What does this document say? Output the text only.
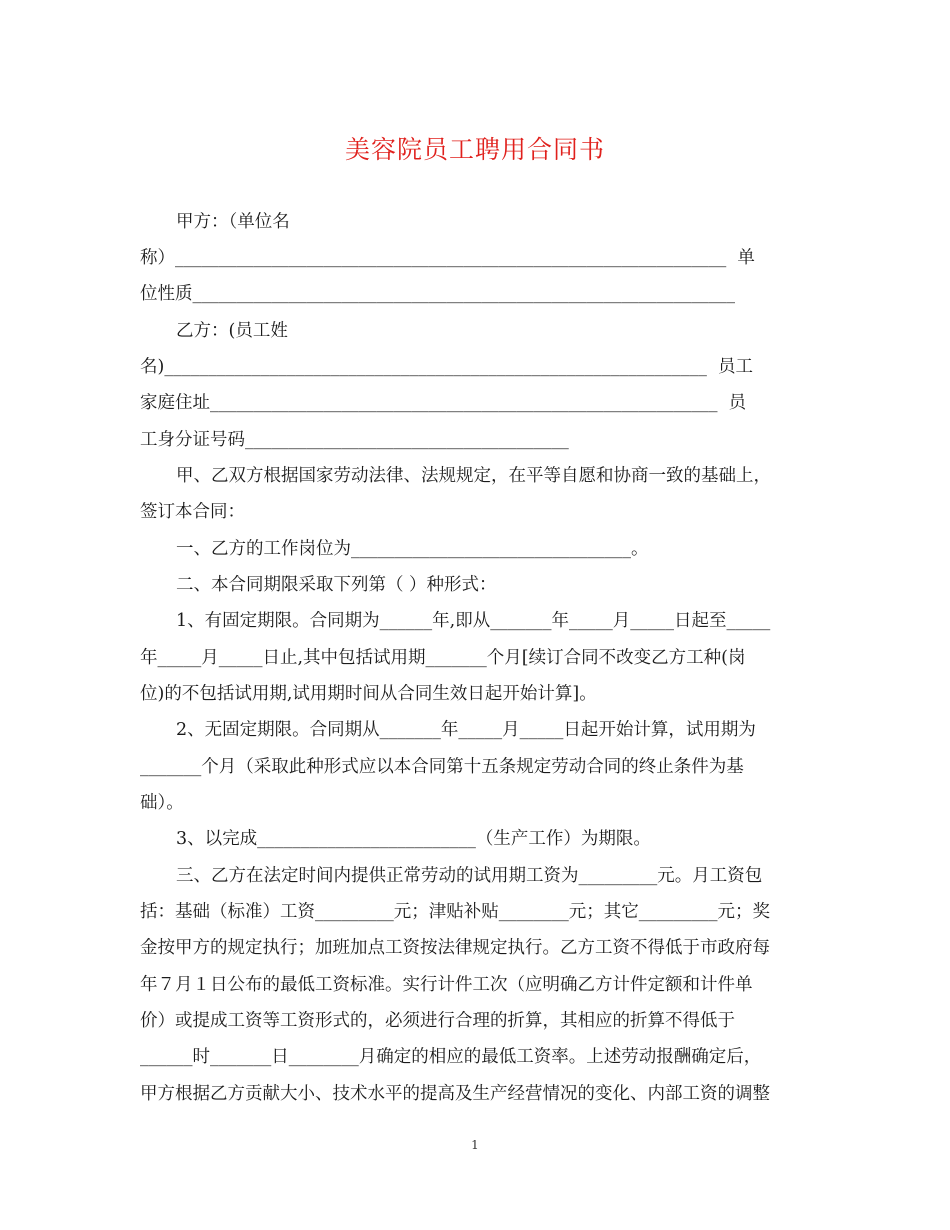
美容院员工聘用合同书

甲方：（单位名

称）_______________________________________________________________  单

位性质______________________________________________________________

乙方：(员工姓

名)______________________________________________________________  员工

家庭住址__________________________________________________________  员

工身分证号码_____________________________________

甲、乙双方根据国家劳动法律、法规规定，在平等自愿和协商一致的基础上，

签订本合同：

一、乙方的工作岗位为________________________________。

二、本合同期限采取下列第（ ）种形式：

1、有固定期限。合同期为______年,即从_______年_____月_____日起至_____

年_____月_____日止,其中包括试用期_______个月[续订合同不改变乙方工种(岗

位)的不包括试用期,试用期时间从合同生效日起开始计算]。

2、无固定期限。合同期从_______年_____月_____日起开始计算，试用期为

_______个月（采取此种形式应以本合同第十五条规定劳动合同的终止条件为基

础）。

3、以完成_________________________（生产工作）为期限。

三、乙方在法定时间内提供正常劳动的试用期工资为_________元。月工资包

括：基础（标准）工资_________元；津贴补贴________元；其它_________元；奖

金按甲方的规定执行；加班加点工资按法律规定执行。乙方工资不得低于市政府每

年７月１日公布的最低工资标准。实行计件工次（应明确乙方计件定额和计件单

价）或提成工资等工资形式的，必须进行合理的折算，其相应的折算不得低于

______时_______日________月确定的相应的最低工资率。上述劳动报酬确定后，

甲方根据乙方贡献大小、技术水平的提高及生产经营情况的变化、内部工资的调整

1
